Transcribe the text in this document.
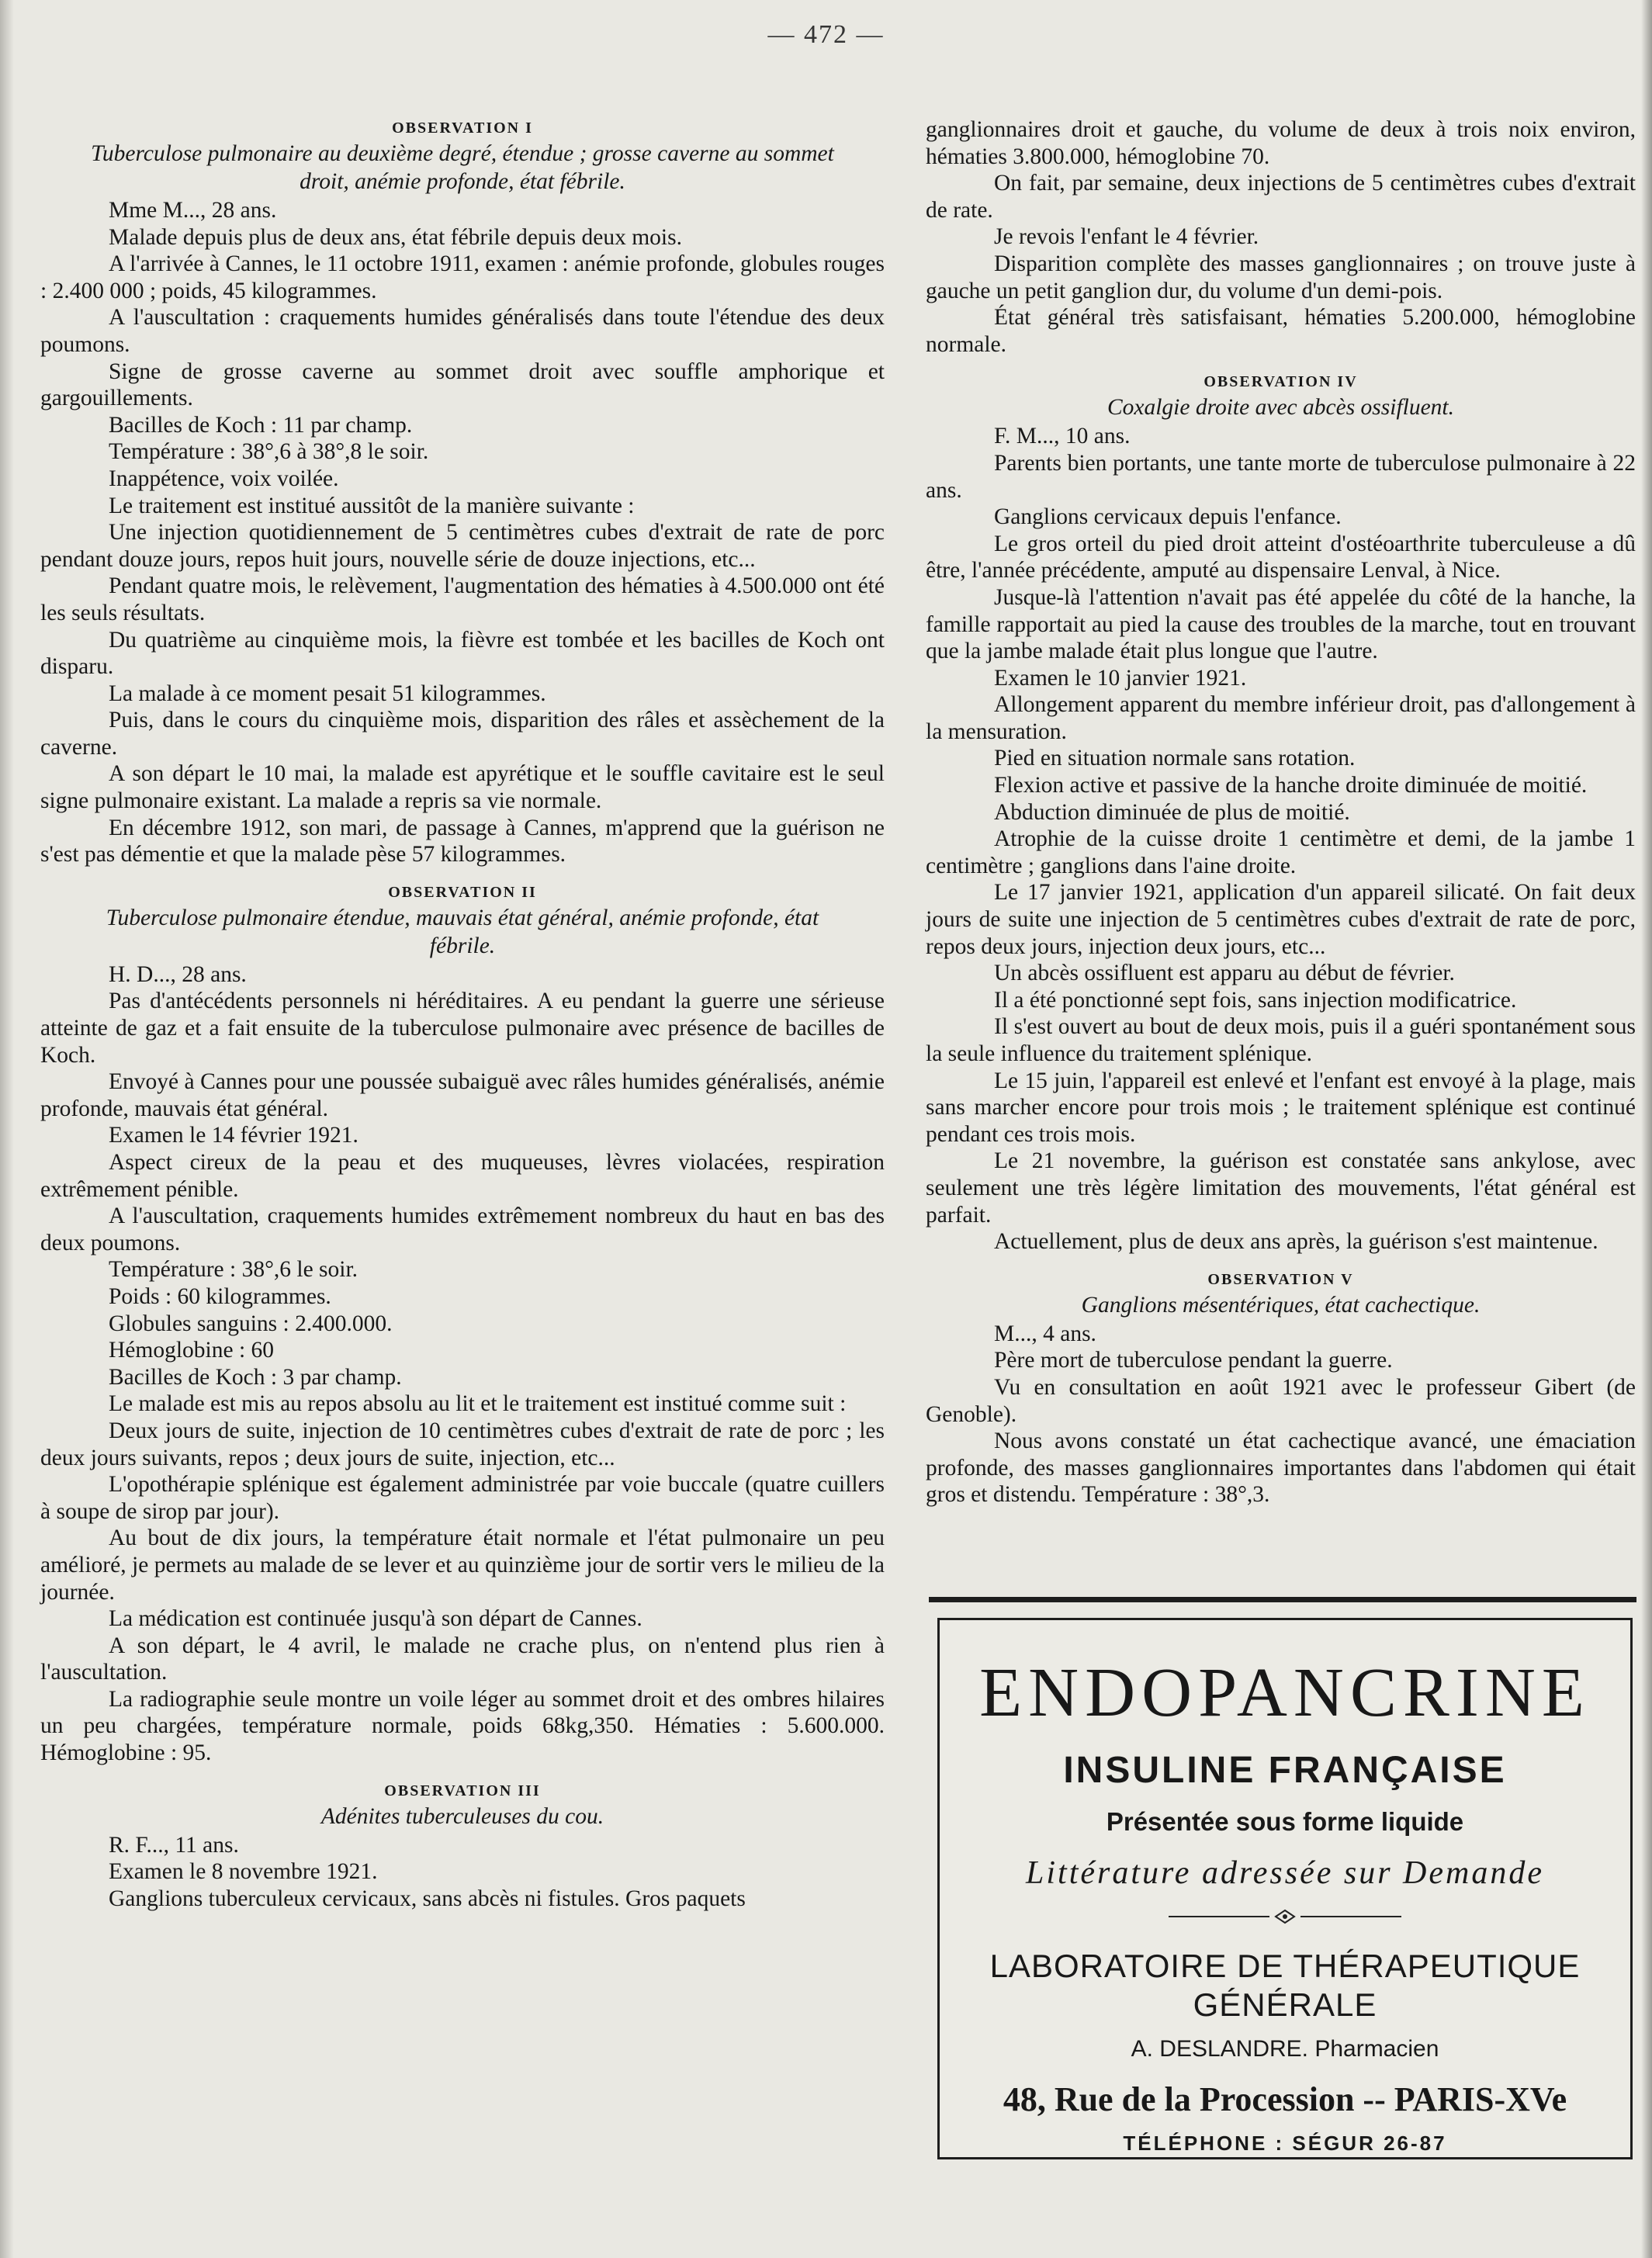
— 472 —
OBSERVATION I
Tuberculose pulmonaire au deuxième degré, étendue ; grosse caverne au sommet droit, anémie profonde, état fébrile.

Mme M..., 28 ans.

Malade depuis plus de deux ans, état fébrile depuis deux mois.

A l'arrivée à Cannes, le 11 octobre 1911, examen : anémie profonde, globules rouges : 2.400 000 ; poids, 45 kilogrammes.

A l'auscultation : craquements humides généralisés dans toute l'étendue des deux poumons.

Signe de grosse caverne au sommet droit avec souffle amphorique et gargouillements.

Bacilles de Koch : 11 par champ.

Température : 38°,6 à 38°,8 le soir.

Inappétence, voix voilée.

Le traitement est institué aussitôt de la manière suivante :

Une injection quotidiennement de 5 centimètres cubes d'extrait de rate de porc pendant douze jours, repos huit jours, nouvelle série de douze injections, etc...

Pendant quatre mois, le relèvement, l'augmentation des hématies à 4.500.000 ont été les seuls résultats.

Du quatrième au cinquième mois, la fièvre est tombée et les bacilles de Koch ont disparu.

La malade à ce moment pesait 51 kilogrammes.

Puis, dans le cours du cinquième mois, disparition des râles et assèchement de la caverne.

A son départ le 10 mai, la malade est apyrétique et le souffle cavitaire est le seul signe pulmonaire existant. La malade a repris sa vie normale.

En décembre 1912, son mari, de passage à Cannes, m'apprend que la guérison ne s'est pas démentie et que la malade pèse 57 kilogrammes.

OBSERVATION II
Tuberculose pulmonaire étendue, mauvais état général, anémie profonde, état fébrile.

H. D..., 28 ans.

Pas d'antécédents personnels ni héréditaires. A eu pendant la guerre une sérieuse atteinte de gaz et a fait ensuite de la tuberculose pulmonaire avec présence de bacilles de Koch.

Envoyé à Cannes pour une poussée subaiguë avec râles humides généralisés, anémie profonde, mauvais état général.

Examen le 14 février 1921.

Aspect cireux de la peau et des muqueuses, lèvres violacées, respiration extrêmement pénible.

A l'auscultation, craquements humides extrêmement nombreux du haut en bas des deux poumons.

Température : 38°,6 le soir.

Poids : 60 kilogrammes.

Globules sanguins : 2.400.000.

Hémoglobine : 60

Bacilles de Koch : 3 par champ.

Le malade est mis au repos absolu au lit et le traitement est institué comme suit :

Deux jours de suite, injection de 10 centimètres cubes d'extrait de rate de porc ; les deux jours suivants, repos ; deux jours de suite, injection, etc...

L'opothérapie splénique est également administrée par voie buccale (quatre cuillers à soupe de sirop par jour).

Au bout de dix jours, la température était normale et l'état pulmonaire un peu amélioré, je permets au malade de se lever et au quinzième jour de sortir vers le milieu de la journée.

La médication est continuée jusqu'à son départ de Cannes.

A son départ, le 4 avril, le malade ne crache plus, on n'entend plus rien à l'auscultation.

La radiographie seule montre un voile léger au sommet droit et des ombres hilaires un peu chargées, température normale, poids 68kg,350. Hématies : 5.600.000. Hémoglobine : 95.

OBSERVATION III
Adénites tuberculeuses du cou.

R. F..., 11 ans.

Examen le 8 novembre 1921.

Ganglions tuberculeux cervicaux, sans abcès ni fistules. Gros paquets

ganglionnaires droit et gauche, du volume de deux à trois noix environ, hématies 3.800.000, hémoglobine 70.

On fait, par semaine, deux injections de 5 centimètres cubes d'extrait de rate.

Je revois l'enfant le 4 février.

Disparition complète des masses ganglionnaires ; on trouve juste à gauche un petit ganglion dur, du volume d'un demi-pois.

État général très satisfaisant, hématies 5.200.000, hémoglobine normale.

OBSERVATION IV
Coxalgie droite avec abcès ossifluent.

F. M..., 10 ans.

Parents bien portants, une tante morte de tuberculose pulmonaire à 22 ans.

Ganglions cervicaux depuis l'enfance.

Le gros orteil du pied droit atteint d'ostéoarthrite tuberculeuse a dû être, l'année précédente, amputé au dispensaire Lenval, à Nice.

Jusque-là l'attention n'avait pas été appelée du côté de la hanche, la famille rapportait au pied la cause des troubles de la marche, tout en trouvant que la jambe malade était plus longue que l'autre.

Examen le 10 janvier 1921.

Allongement apparent du membre inférieur droit, pas d'allongement à la mensuration.

Pied en situation normale sans rotation.

Flexion active et passive de la hanche droite diminuée de moitié.

Abduction diminuée de plus de moitié.

Atrophie de la cuisse droite 1 centimètre et demi, de la jambe 1 centimètre ; ganglions dans l'aine droite.

Le 17 janvier 1921, application d'un appareil silicaté. On fait deux jours de suite une injection de 5 centimètres cubes d'extrait de rate de porc, repos deux jours, injection deux jours, etc...

Un abcès ossifluent est apparu au début de février.

Il a été ponctionné sept fois, sans injection modificatrice.

Il s'est ouvert au bout de deux mois, puis il a guéri spontanément sous la seule influence du traitement splénique.

Le 15 juin, l'appareil est enlevé et l'enfant est envoyé à la plage, mais sans marcher encore pour trois mois ; le traitement splénique est continué pendant ces trois mois.

Le 21 novembre, la guérison est constatée sans ankylose, avec seulement une très légère limitation des mouvements, l'état général est parfait.

Actuellement, plus de deux ans après, la guérison s'est maintenue.

OBSERVATION V
Ganglions mésentériques, état cachectique.

M..., 4 ans.

Père mort de tuberculose pendant la guerre.

Vu en consultation en août 1921 avec le professeur Gibert (de Genoble).

Nous avons constaté un état cachectique avancé, une émaciation profonde, des masses ganglionnaires importantes dans l'abdomen qui était gros et distendu. Température : 38°,3.

ENDOPANCRINE
INSULINE FRANÇAISE
Présentée sous forme liquide
Littérature adressée sur Demande
LABORATOIRE DE THÉRAPEUTIQUE GÉNÉRALE
A. DESLANDRE. Pharmacien
48, Rue de la Procession -- PARIS-XVe
TÉLÉPHONE : SÉGUR 26-87
